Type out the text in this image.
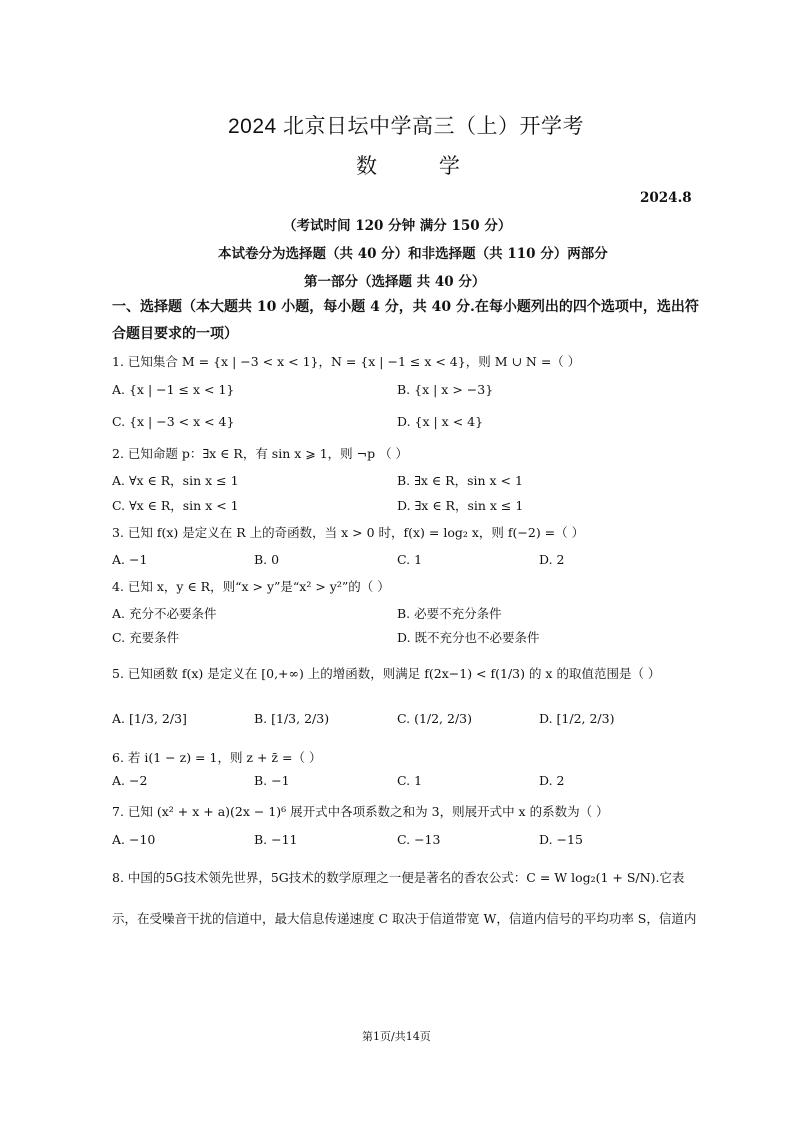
2024 北京日坛中学高三（上）开学考
数 学
2024.8
（考试时间 120 分钟 满分 150 分）
本试卷分为选择题（共 40 分）和非选择题（共 110 分）两部分
第一部分（选择题 共 40 分）
一、选择题（本大题共 10 小题，每小题 4 分，共 40 分.在每小题列出的四个选项中，选出符
合题目要求的一项）
1. 已知集合 M = {x | −3 < x < 1}，N = {x | −1 ≤ x < 4}，则 M ∪ N =（ ）
A. {x | −1 ≤ x < 1}	B. {x | x > −3}
C. {x | −3 < x < 4}	D. {x | x < 4}
2. 已知命题 p：∃x ∈ R，有 sin x ⩾ 1，则 ¬p （ ）
A. ∀x ∈ R，sin x ≤ 1	B. ∃x ∈ R，sin x < 1
C. ∀x ∈ R，sin x < 1	D. ∃x ∈ R，sin x ≤ 1
3. 已知 f(x) 是定义在 R 上的奇函数，当 x > 0 时，f(x) = log₂ x，则 f(−2) =（ ）
A. −1	B. 0	C. 1	D. 2
4. 已知 x，y ∈ R，则“x > y”是“x² > y²”的（ ）
A. 充分不必要条件	B. 必要不充分条件
C. 充要条件	D. 既不充分也不必要条件
5. 已知函数 f(x) 是定义在 [0,+∞) 上的增函数，则满足 f(2x−1) < f(1/3) 的 x 的取值范围是（ ）
A. [1/3, 2/3]	B. [1/3, 2/3)	C. (1/2, 2/3)	D. [1/2, 2/3)
6. 若 i(1 − z) = 1，则 z + z̄ =（ ）
A. −2	B. −1	C. 1	D. 2
7. 已知 (x² + x + a)(2x − 1)⁶ 展开式中各项系数之和为 3，则展开式中 x 的系数为（ ）
A. −10	B. −11	C. −13	D. −15
8. 中国的5G技术领先世界，5G技术的数学原理之一便是著名的香农公式：C = W log₂(1 + S/N).它表
示，在受噪音干扰的信道中，最大信息传递速度 C 取决于信道带宽 W，信道内信号的平均功率 S，信道内
第1页/共14页
